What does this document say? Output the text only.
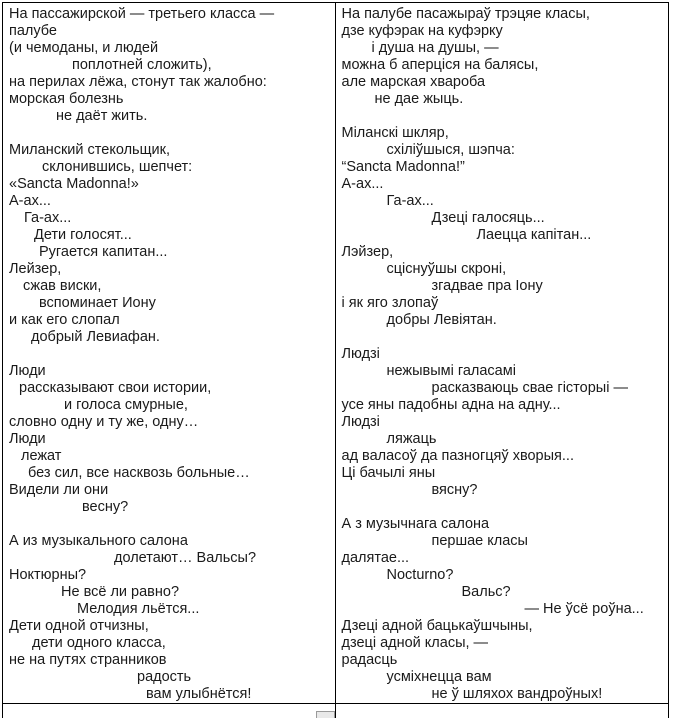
На пассажирской — третьего класса —
палубе
(и чемоданы, и людей
поплотней сложить),
на перилах лёжа, стонут так жалобно:
морская болезнь
не даёт жить.
Миланский стекольщик,
склонившись, шепчет:
«Sancta Madonna!»
А-ах...
Га-ах...
Дети голосят...
Ругается капитан...
Лейзер,
сжав виски,
вспоминает Иону
и как его слопал
добрый Левиафан.
Люди
рассказывают свои истории,
и голоса смурные,
словно одну и ту же, одну…
Люди
лежат
без сил, все насквозь больные…
Видели ли они
весну?
А из музыкального салона
долетают… Вальсы?
Ноктюрны?
Не всё ли равно?
Мелодия льётся...
Дети одной отчизны,
дети одного класса,
не на путях странников
радость
вам улыбнётся!
На палубе пасажыраў трэцяе класы,
дзе куфэрак на куфэрку
і душа на душы, —
можна б аперціся на балясы,
але марская хвароба
не дае жыць.
Міланскі шкляр,
схіліўшыся, шэпча:
“Sancta Madonna!”
А-ах...
Га-ах...
Дзеці галосяць...
Лаецца капітан...
Лэйзер,
сціснуўшы скроні,
згадвае пра Іону
і як яго злопаў
добры Левіятан.
Людзі
нежывымі галасамі
расказваюць свае гісторыі —
усе яны падобны адна на адну...
Людзі
ляжаць
ад валасоў да пазногцяў хворыя...
Ці бачылі яны
вясну?
А з музычнага салона
першае класы
далятае...
Nocturno?
Вальс?
— Не ўсё роўна...
Дзеці адной бацькаўшчыны,
дзеці адной класы, —
радасць
усміхнецца вам
не ў шляхох вандроўных!
